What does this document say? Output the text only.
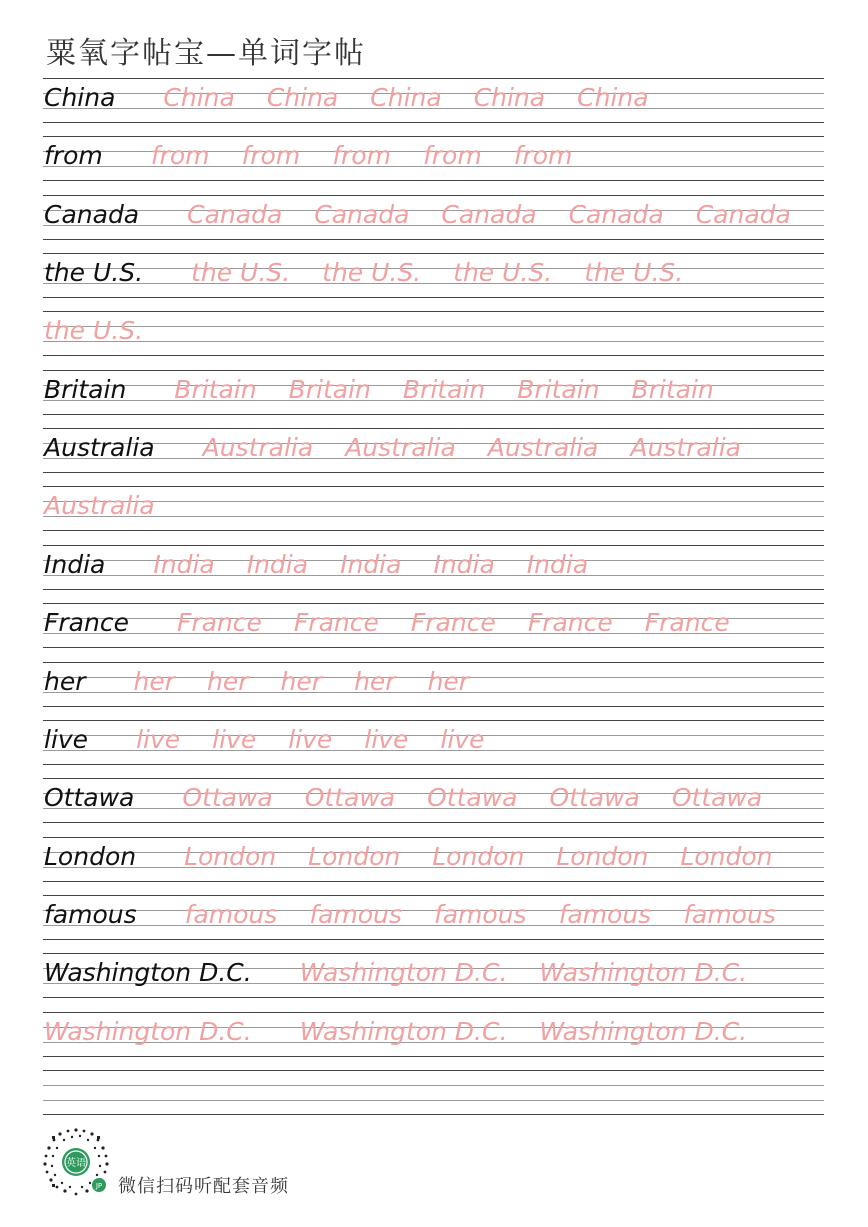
粟氧字帖宝—单词字帖
China China China China China China
from from from from from from
Canada Canada Canada Canada Canada Canada
the U.S. the U.S. the U.S. the U.S. the U.S.
the U.S.
Britain Britain Britain Britain Britain Britain
Australia Australia Australia Australia Australia
Australia
India India India India India India
France France France France France France
her her her her her her
live live live live live live
Ottawa Ottawa Ottawa Ottawa Ottawa Ottawa
London London London London London London
famous famous famous famous famous famous
Washington D.C. Washington D.C. Washington D.C.
Washington D.C. Washington D.C. Washington D.C.
英语
JP 微信扫码听配套音频
